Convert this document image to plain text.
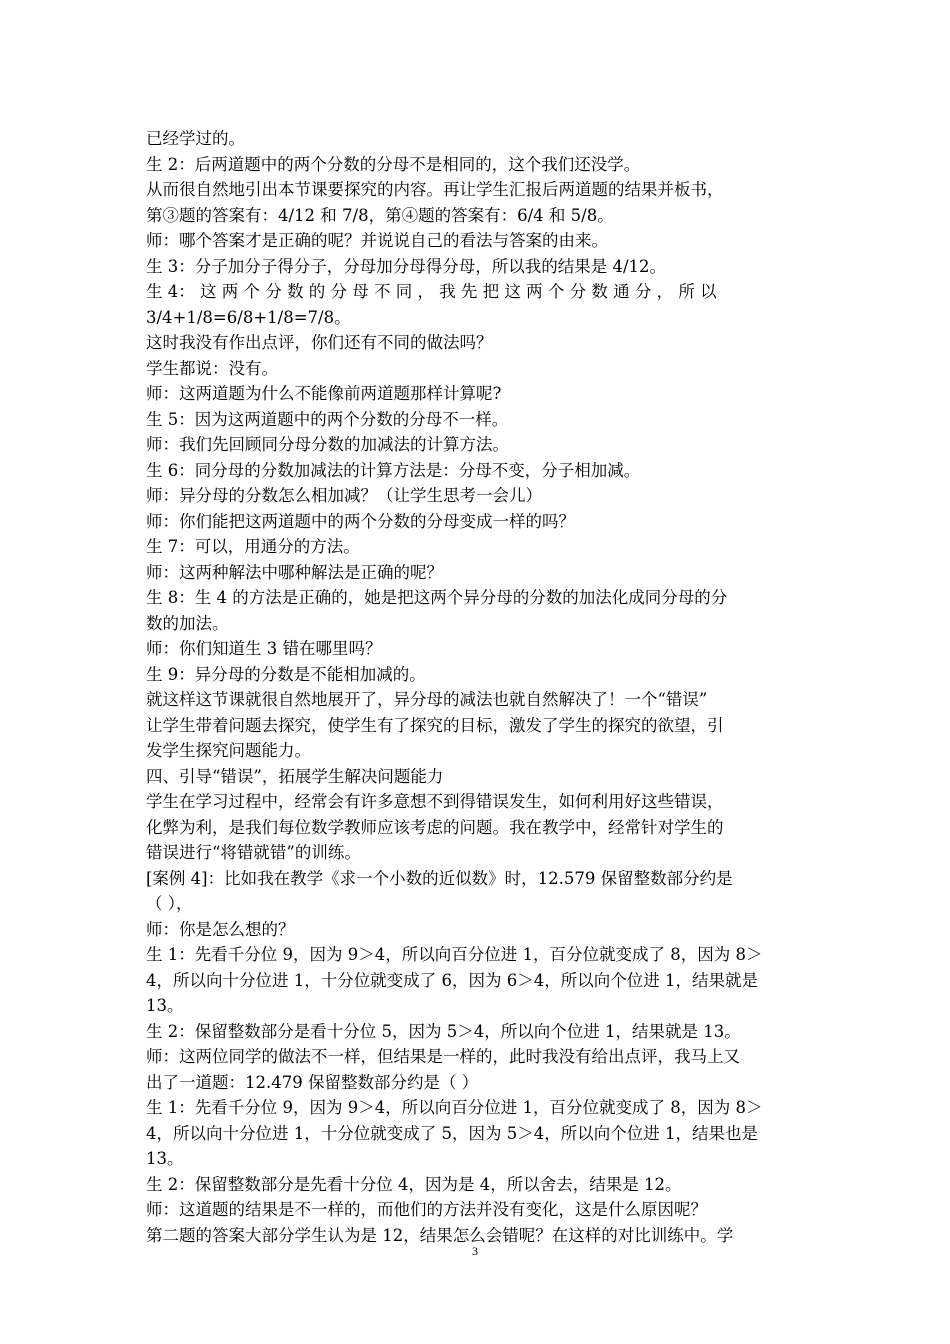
已经学过的。
生 2：后两道题中的两个分数的分母不是相同的，这个我们还没学。
从而很自然地引出本节课要探究的内容。再让学生汇报后两道题的结果并板书，
第③题的答案有：4/12 和 7/8，第④题的答案有：6/4 和 5/8。
师：哪个答案才是正确的呢？并说说自己的看法与答案的由来。
生 3：分子加分子得分子，分母加分母得分母，所以我的结果是 4/12。
生 4： 这 两 个 分 数 的 分 母 不 同 ， 我 先 把 这 两 个 分 数 通 分 ， 所 以
3/4+1/8=6/8+1/8=7/8。
这时我没有作出点评，你们还有不同的做法吗？
学生都说：没有。
师：这两道题为什么不能像前两道题那样计算呢?
生 5：因为这两道题中的两个分数的分母不一样。
师：我们先回顾同分母分数的加减法的计算方法。
生 6：同分母的分数加减法的计算方法是：分母不变，分子相加减。
师：异分母的分数怎么相加减？（让学生思考一会儿）
师：你们能把这两道题中的两个分数的分母变成一样的吗？
生 7：可以，用通分的方法。
师：这两种解法中哪种解法是正确的呢？
生 8：生 4 的方法是正确的，她是把这两个异分母的分数的加法化成同分母的分
数的加法。
师：你们知道生 3 错在哪里吗？
生 9：异分母的分数是不能相加减的。
就这样这节课就很自然地展开了，异分母的减法也就自然解决了！一个“错误”
让学生带着问题去探究，使学生有了探究的目标，激发了学生的探究的欲望，引
发学生探究问题能力。
四、引导“错误”，拓展学生解决问题能力
学生在学习过程中，经常会有许多意想不到得错误发生，如何利用好这些错误，
化弊为利，是我们每位数学教师应该考虑的问题。我在教学中，经常针对学生的
错误进行“将错就错”的训练。
[案例 4]：比如我在教学《求一个小数的近似数》时，12.579 保留整数部分约是
（ ），
师：你是怎么想的？
生 1：先看千分位 9，因为 9＞4，所以向百分位进 1，百分位就变成了 8，因为 8＞
4，所以向十分位进 1，十分位就变成了 6，因为 6＞4，所以向个位进 1，结果就是
13。
生 2：保留整数部分是看十分位 5，因为 5＞4，所以向个位进 1，结果就是 13。
师：这两位同学的做法不一样，但结果是一样的，此时我没有给出点评，我马上又
出了一道题：12.479 保留整数部分约是（ ）
生 1：先看千分位 9，因为 9＞4，所以向百分位进 1，百分位就变成了 8，因为 8＞
4，所以向十分位进 1，十分位就变成了 5，因为 5＞4，所以向个位进 1，结果也是
13。
生 2：保留整数部分是先看十分位 4，因为是 4，所以舍去，结果是 12。
师：这道题的结果是不一样的，而他们的方法并没有变化，这是什么原因呢？
第二题的答案大部分学生认为是 12，结果怎么会错呢？在这样的对比训练中。学
3
